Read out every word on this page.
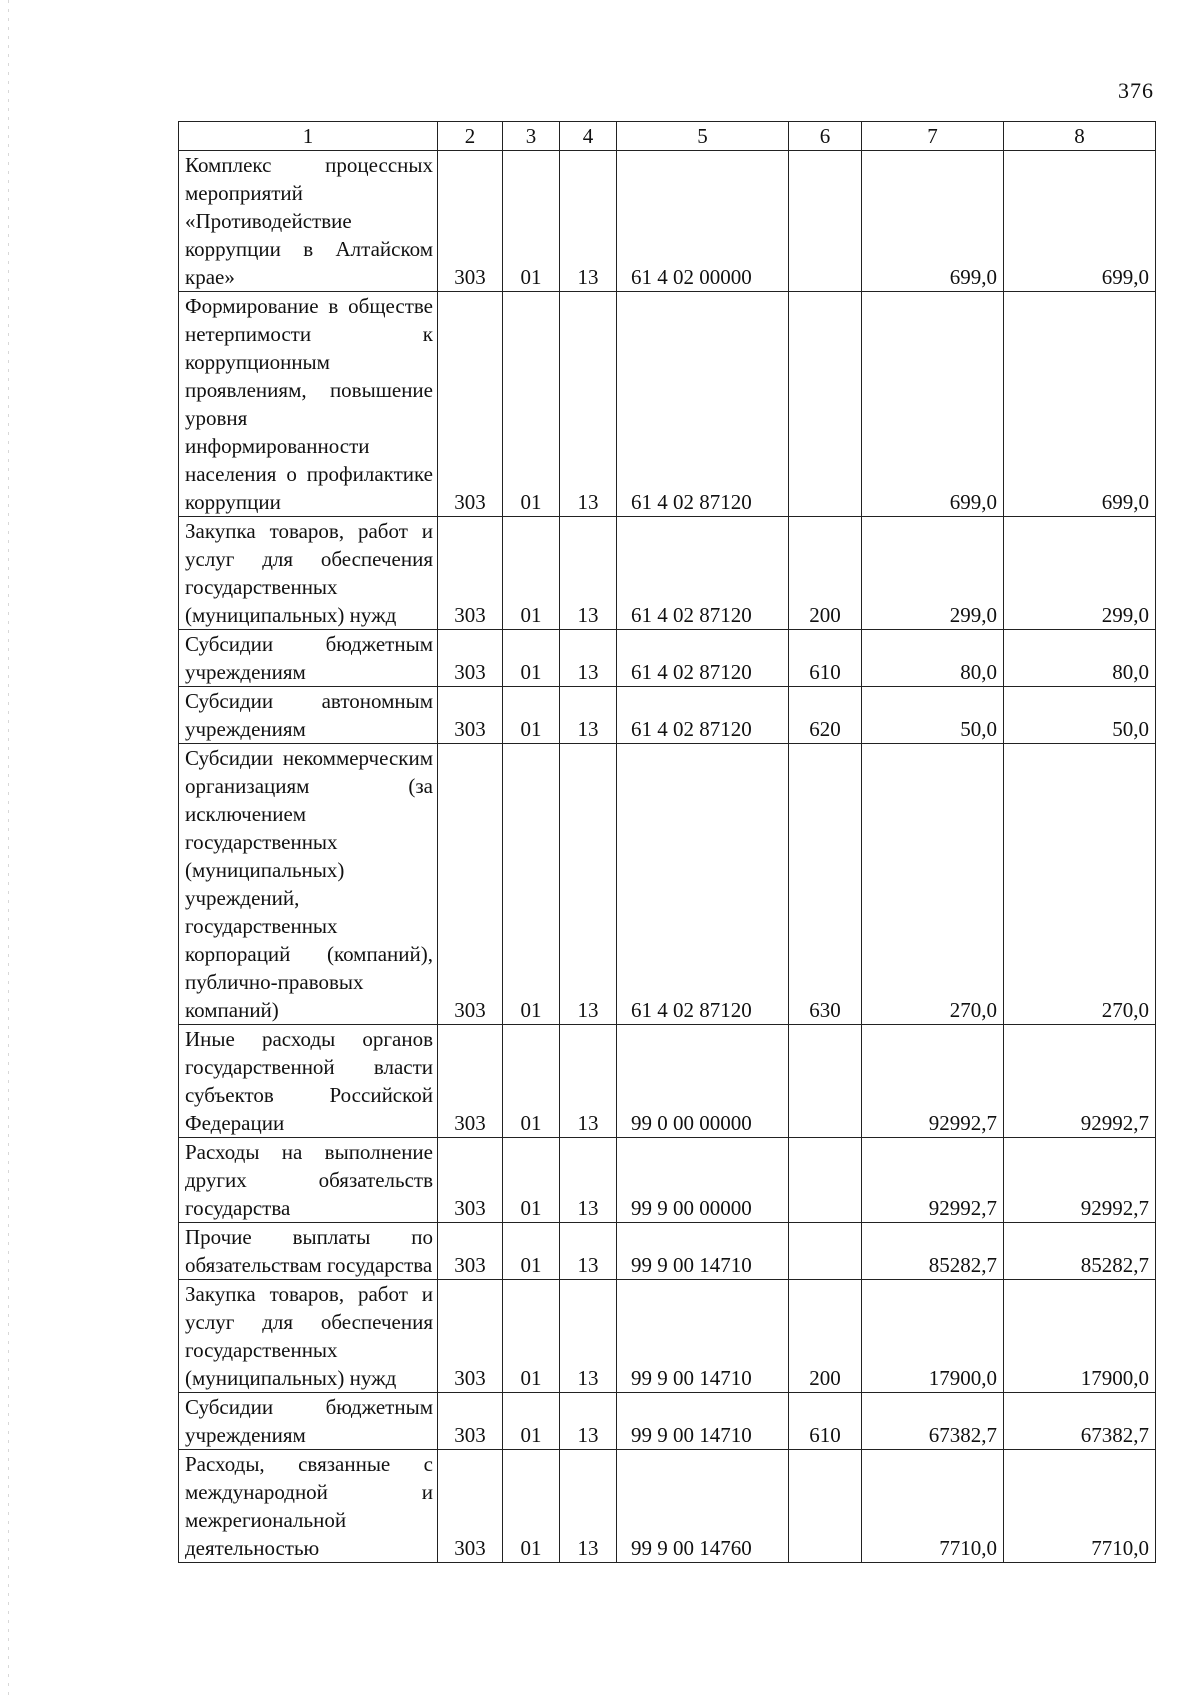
376
1	2	3	4	5	6	7	8
Комплекс процессных мероприятий «Противодействие коррупции в Алтайском крае»	303	01	13	61 4 02 00000		699,0	699,0
Формирование в обществе нетерпимости к коррупционным проявлениям, повышение уровня информированности населения о профилактике коррупции	303	01	13	61 4 02 87120		699,0	699,0
Закупка товаров, работ и услуг для обеспечения государственных (муниципальных) нужд	303	01	13	61 4 02 87120	200	299,0	299,0
Субсидии бюджетным учреждениям	303	01	13	61 4 02 87120	610	80,0	80,0
Субсидии автономным учреждениям	303	01	13	61 4 02 87120	620	50,0	50,0
Субсидии некоммерческим организациям (за исключением государственных (муниципальных) учреждений, государственных корпораций (компаний), публично-правовых компаний)	303	01	13	61 4 02 87120	630	270,0	270,0
Иные расходы органов государственной власти субъектов Российской Федерации	303	01	13	99 0 00 00000		92992,7	92992,7
Расходы на выполнение других обязательств государства	303	01	13	99 9 00 00000		92992,7	92992,7
Прочие выплаты по обязательствам государства	303	01	13	99 9 00 14710		85282,7	85282,7
Закупка товаров, работ и услуг для обеспечения государственных (муниципальных) нужд	303	01	13	99 9 00 14710	200	17900,0	17900,0
Субсидии бюджетным учреждениям	303	01	13	99 9 00 14710	610	67382,7	67382,7
Расходы, связанные с международной и межрегиональной деятельностью	303	01	13	99 9 00 14760		7710,0	7710,0
